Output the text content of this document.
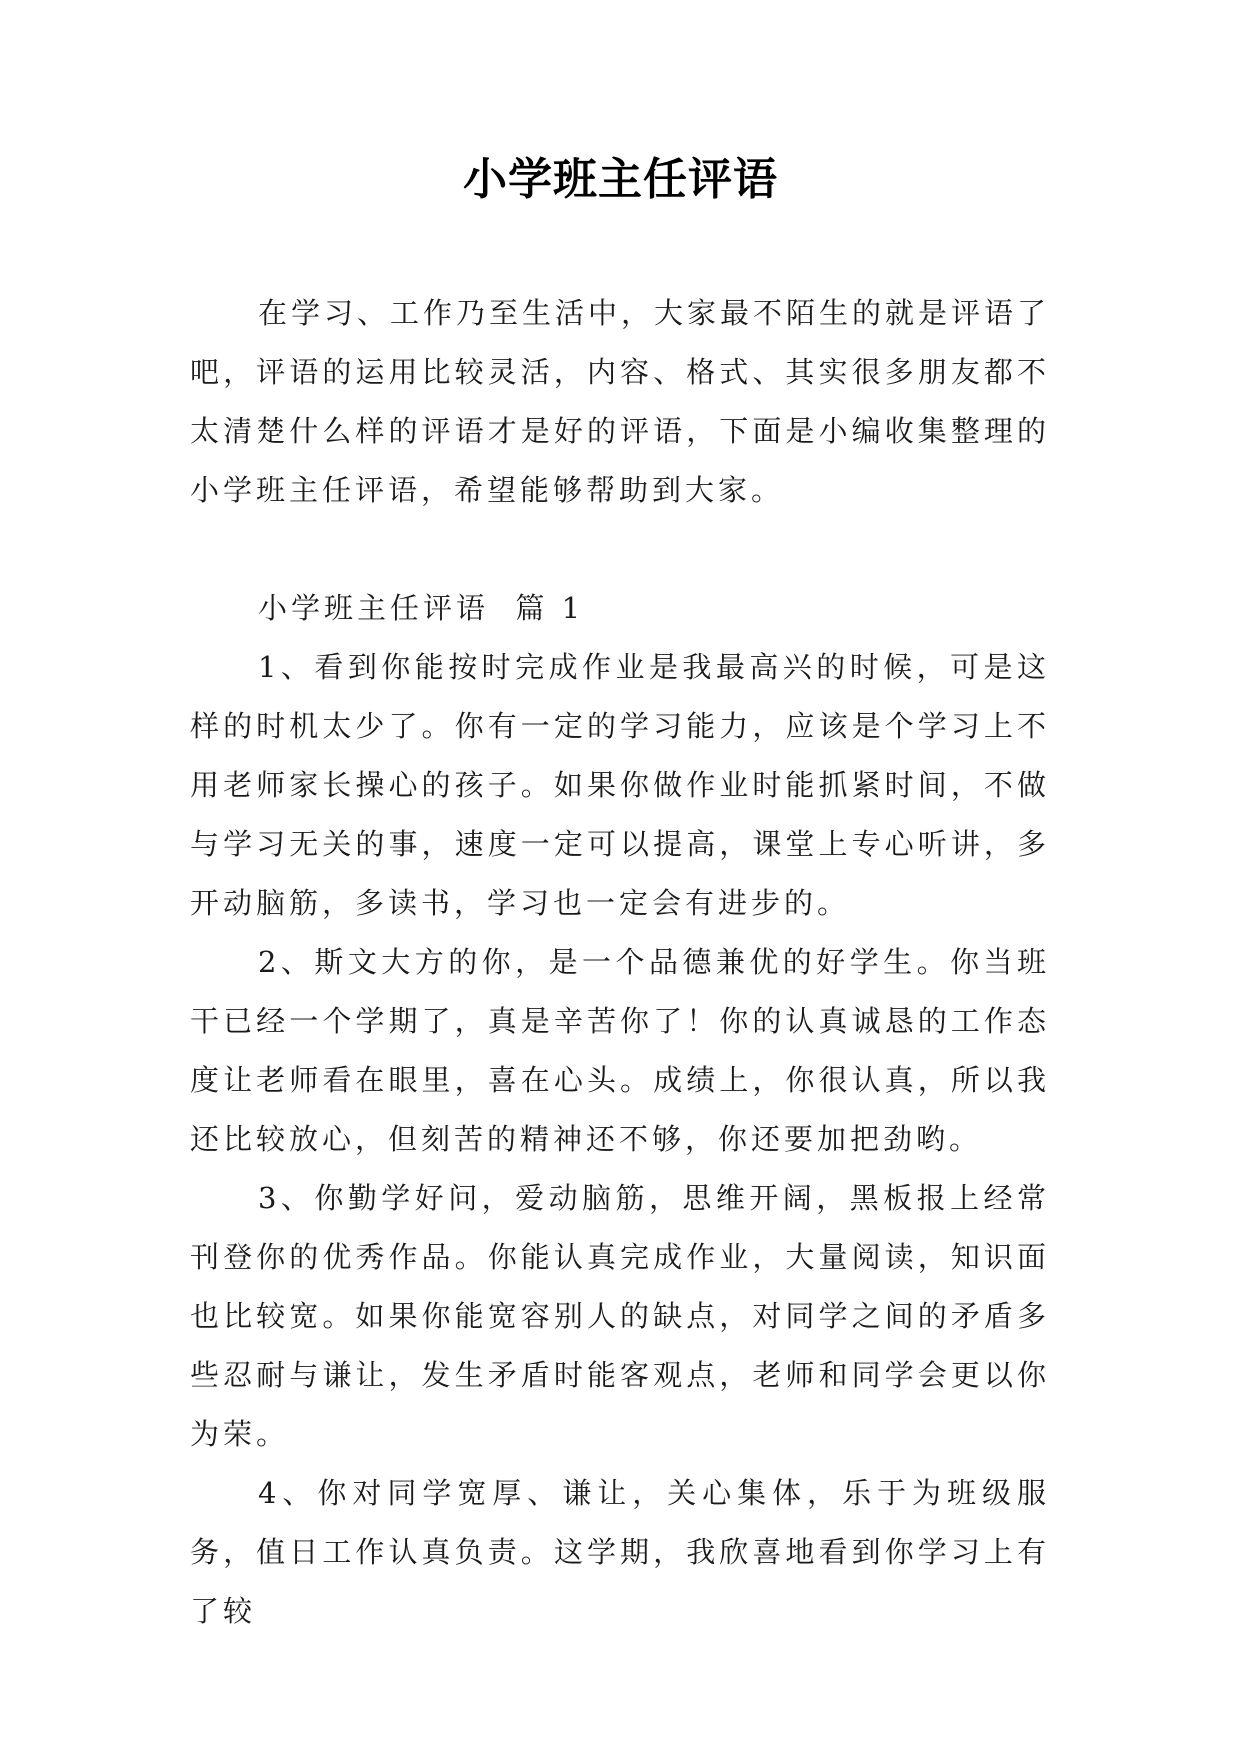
小学班主任评语

在学习、工作乃至生活中，大家最不陌生的就是评语了吧，评语的运用比较灵活，内容、格式、其实很多朋友都不太清楚什么样的评语才是好的评语，下面是小编收集整理的小学班主任评语，希望能够帮助到大家。

小学班主任评语  篇 1

1、看到你能按时完成作业是我最高兴的时候，可是这样的时机太少了。你有一定的学习能力，应该是个学习上不用老师家长操心的孩子。如果你做作业时能抓紧时间，不做与学习无关的事，速度一定可以提高，课堂上专心听讲，多开动脑筋，多读书，学习也一定会有进步的。

2、斯文大方的你，是一个品德兼优的好学生。你当班干已经一个学期了，真是辛苦你了！你的认真诚恳的工作态度让老师看在眼里，喜在心头。成绩上，你很认真，所以我还比较放心，但刻苦的精神还不够，你还要加把劲哟。

3、你勤学好问，爱动脑筋，思维开阔，黑板报上经常刊登你的优秀作品。你能认真完成作业，大量阅读，知识面也比较宽。如果你能宽容别人的缺点，对同学之间的矛盾多些忍耐与谦让，发生矛盾时能客观点，老师和同学会更以你为荣。

4、你对同学宽厚、谦让，关心集体，乐于为班级服务，值日工作认真负责。这学期，我欣喜地看到你学习上有了较
